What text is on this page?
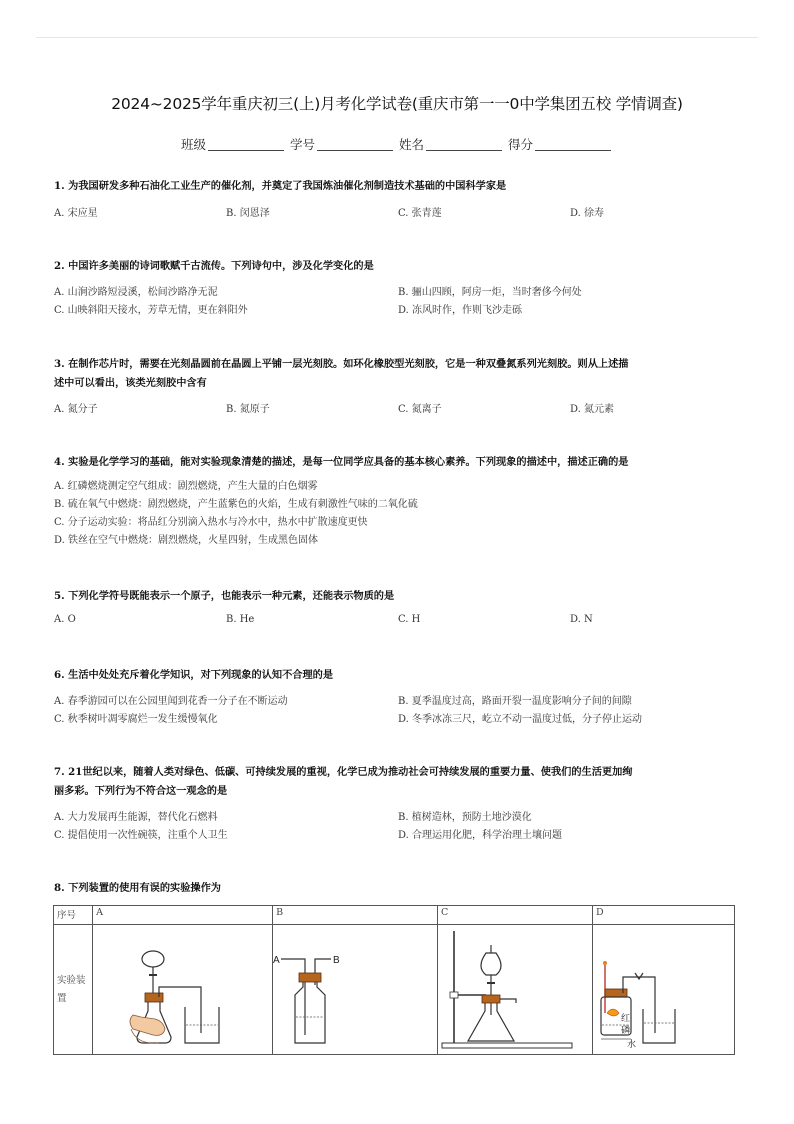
2024~2025学年重庆初三(上)月考化学试卷(重庆市第一一0中学集团五校 学情调查)
班级	学号	姓名	得分
1. 为我国研发多种石油化工业生产的催化剂，并奠定了我国炼油催化剂制造技术基础的中国科学家是
A. 宋应星	B. 闵恩泽	C. 张青莲	D. 徐寿
2. 中国许多美丽的诗词歌赋千古流传。下列诗句中，涉及化学变化的是
A. 山涧沙路短浸溪，松间沙路净无泥	B. 骊山四顾，阿房一炬，当时奢侈今何处
C. 山映斜阳天接水，芳草无情，更在斜阳外	D. 冻风时作，作则飞沙走砾
3. 在制作芯片时，需要在光刻晶圆前在晶圆上平铺一层光刻胶。如环化橡胶型光刻胶，它是一种双叠氮系列光刻胶。则从上述描
述中可以看出，该类光刻胶中含有
A. 氮分子	B. 氮原子	C. 氮离子	D. 氮元素
4. 实验是化学学习的基础，能对实验现象清楚的描述，是每一位同学应具备的基本核心素养。下列现象的描述中，描述正确的是
A. 红磷燃烧测定空气组成：剧烈燃烧，产生大量的白色烟雾
B. 硫在氧气中燃烧：剧烈燃烧，产生蓝紫色的火焰，生成有刺激性气味的二氧化硫
C. 分子运动实验：将品红分别滴入热水与冷水中，热水中扩散速度更快
D. 铁丝在空气中燃烧：剧烈燃烧，火星四射，生成黑色固体
5. 下列化学符号既能表示一个原子，也能表示一种元素，还能表示物质的是
A. O	B. He	C. H	D. N
6. 生活中处处充斥着化学知识，对下列现象的认知不合理的是
A. 春季游园可以在公园里闻到花香一分子在不断运动	B. 夏季温度过高，路面开裂一温度影响分子间的间隙
C. 秋季树叶凋零腐烂一发生缓慢氧化	D. 冬季冰冻三尺，屹立不动一温度过低，分子停止运动
7. 21世纪以来，随着人类对绿色、低碳、可持续发展的重视，化学已成为推动社会可持续发展的重要力量、使我们的生活更加绚
丽多彩。下列行为不符合这一观念的是
A. 大力发展再生能源，替代化石燃料	B. 植树造林，预防土地沙漠化
C. 提倡使用一次性碗筷，注重个人卫生	D. 合理运用化肥，科学治理土壤问题
8. 下列装置的使用有误的实验操作为
序号	A	B	C	D
实验装置		A B		红
磷
水
